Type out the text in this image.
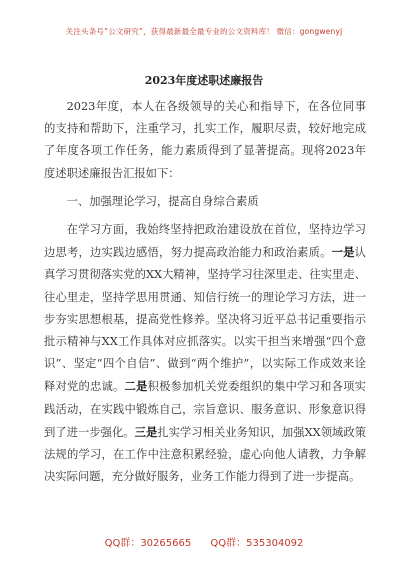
关注头条号“公文研究”，获得最新最全最专业的公文资料库！ 微信：gongwenyj
2023年度述职述廉报告

2023年度，本人在各级领导的关心和指导下，在各位同事的支持和帮助下，注重学习，扎实工作，履职尽责，较好地完成了年度各项工作任务，能力素质得到了显著提高。现将2023年度述职述廉报告汇报如下：

一、加强理论学习，提高自身综合素质

在学习方面，我始终坚持把政治建设放在首位，坚持边学习边思考，边实践边感悟，努力提高政治能力和政治素质。一是认真学习贯彻落实党的XX大精神，坚持学习往深里走、往实里走、往心里走，坚持学思用贯通、知信行统一的理论学习方法，进一步夯实思想根基，提高党性修养。坚决将习近平总书记重要指示批示精神与XX工作具体对应抓落实。以实干担当来增强“四个意识”、坚定“四个自信”、做到“两个维护”，以实际工作成效来诠释对党的忠诚。二是积极参加机关党委组织的集中学习和各项实践活动，在实践中锻炼自己，宗旨意识、服务意识、形象意识得到了进一步强化。三是扎实学习相关业务知识，加强XX领域政策法规的学习，在工作中注意积累经验，虚心向他人请教，力争解决实际问题，充分做好服务，业务工作能力得到了进一步提高。

QQ群：30265665 QQ群：535304092
